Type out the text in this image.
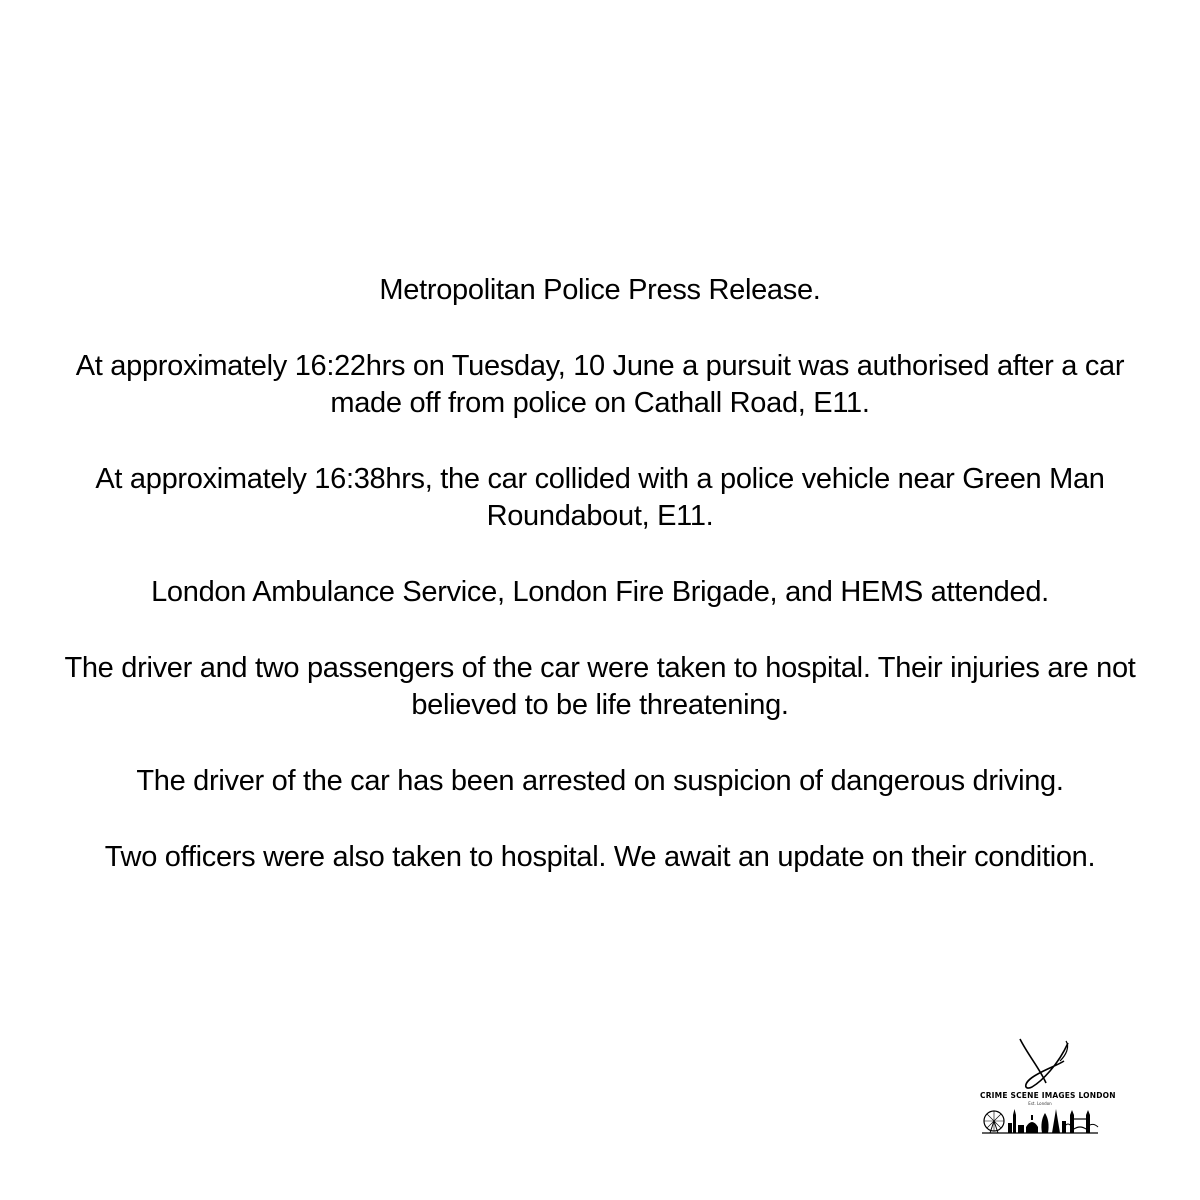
Metropolitan Police Press Release.

At approximately 16:22hrs on Tuesday, 10 June a pursuit was authorised after a car made off from police on Cathall Road, E11.

At approximately 16:38hrs, the car collided with a police vehicle near Green Man Roundabout, E11.

London Ambulance Service, London Fire Brigade, and HEMS attended.

The driver and two passengers of the car were taken to hospital. Their injuries are not believed to be life threatening.

The driver of the car has been arrested on suspicion of dangerous driving.

Two officers were also taken to hospital. We await an update on their condition.

CRIME SCENE IMAGES LONDON
Est. London
